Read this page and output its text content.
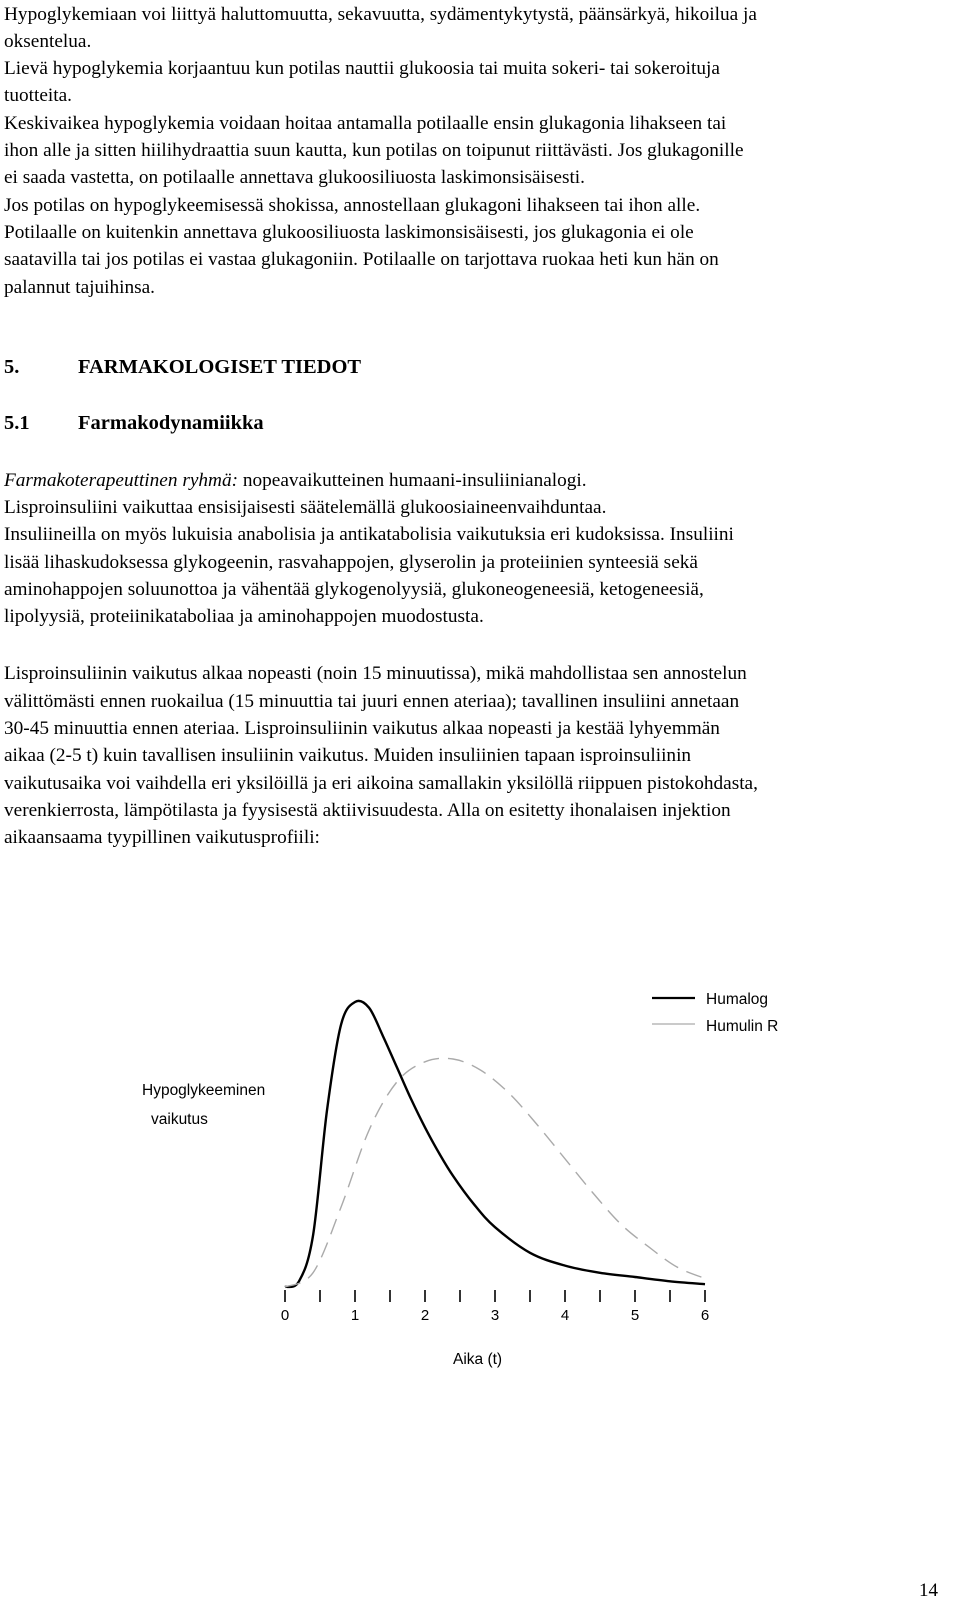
Hypoglykemiaan voi liittyä haluttomuutta, sekavuutta, sydämentykytystä, päänsärkyä, hikoilua ja
oksentelua.
Lievä hypoglykemia korjaantuu kun potilas nauttii glukoosia tai muita sokeri- tai sokeroituja
tuotteita.
Keskivaikea hypoglykemia voidaan hoitaa antamalla potilaalle ensin glukagonia lihakseen tai
ihon alle ja sitten hiilihydraattia suun kautta, kun potilas on toipunut riittävästi. Jos glukagonille
ei saada vastetta, on potilaalle annettava glukoosiliuosta laskimonsisäisesti.
Jos potilas on hypoglykeemisessä shokissa, annostellaan glukagoni lihakseen tai ihon alle.
Potilaalle on kuitenkin annettava glukoosiliuosta laskimonsisäisesti, jos glukagonia ei ole
saatavilla tai jos potilas ei vastaa glukagoniin. Potilaalle on tarjottava ruokaa heti kun hän on
palannut tajuihinsa.
5.	FARMAKOLOGISET TIEDOT
5.1 Farmakodynamiikka
Farmakoterapeuttinen ryhmä: nopeavaikutteinen humaani-insuliinianalogi.
Lisproinsuliini vaikuttaa ensisijaisesti säätelemällä glukoosiaineenvaihduntaa.
Insuliineilla on myös lukuisia anabolisia ja antikatabolisia vaikutuksia eri kudoksissa. Insuliini
lisää lihaskudoksessa glykogeenin, rasvahappojen, glyserolin ja proteiinien synteesiä sekä
aminohappojen soluunottoa ja vähentää glykogenolyysiä, glukoneogeneesiä, ketogeneesiä,
lipolyysiä, proteiinikataboliaa ja aminohappojen muodostusta.
Lisproinsuliinin vaikutus alkaa nopeasti (noin 15 minuutissa), mikä mahdollistaa sen annostelun
välittömästi ennen ruokailua (15 minuuttia tai juuri ennen ateriaa); tavallinen insuliini annetaan
30-45 minuuttia ennen ateriaa. Lisproinsuliinin vaikutus alkaa nopeasti ja kestää lyhyemmän
aikaa (2-5 t) kuin tavallisen insuliinin vaikutus. Muiden insuliinien tapaan isproinsuliinin
vaikutusaika voi vaihdella eri yksilöillä ja eri aikoina samallakin yksilöllä riippuen pistokohdasta,
verenkierrosta, lämpötilasta ja fyysisestä aktiivisuudesta. Alla on esitetty ihonalaisen injektion
aikaansaama tyypillinen vaikutusprofiili:
0	1	2	3	4	5	6
Hypoglykeeminen
vaikutus
Aika (t)
Humalog
Humulin R
14
